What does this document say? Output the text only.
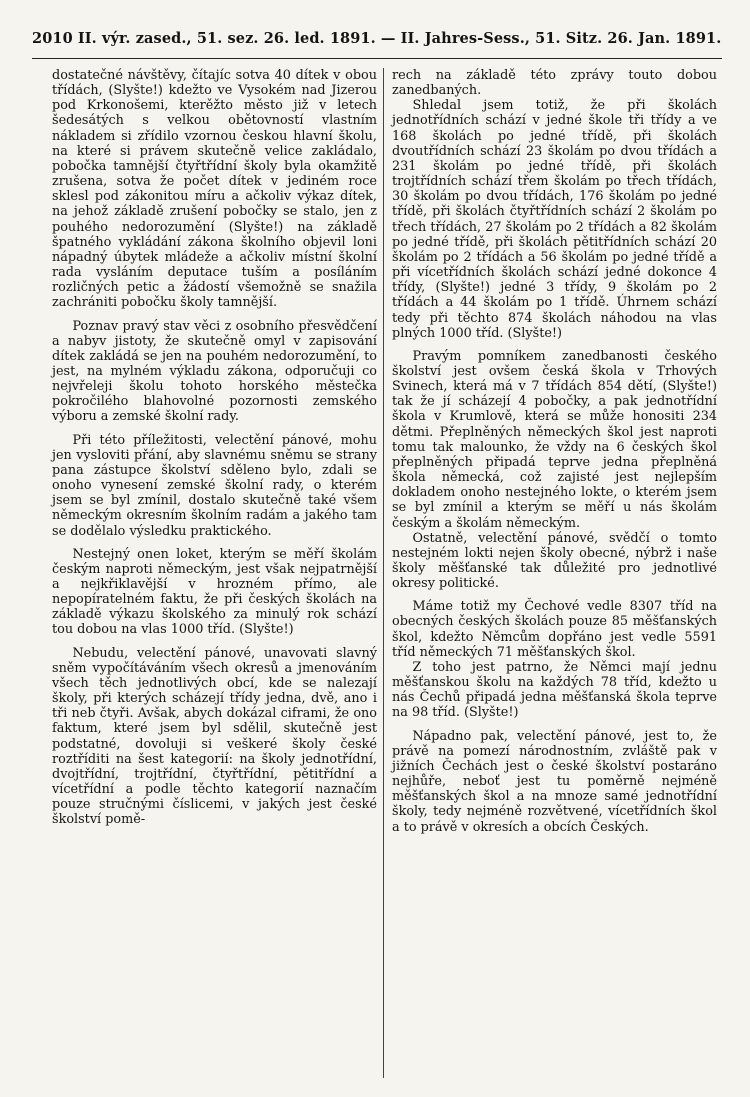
2010 II. výr. zased., 51. sez. 26. led. 1891. — II. Jahres-Sess., 51. Sitz. 26. Jan. 1891.

dostatečné návštěvy, čítajíc sotva 40 dítek v obou třídách, (Slyšte!) kdežto ve Vysokém nad Jizerou pod Krkonošemi, kterěžto město již v letech šedesátých s velkou obětovností vlastním nákladem si zřídilo vzornou českou hlavní školu, na které si právem skutečně velice zakládalo, pobočka tamnější čtyřtřídní školy byla okamžitě zrušena, sotva že počet dítek v jediném roce sklesl pod zákonitou míru a ačkoliv výkaz dítek, na jehož základě zrušení pobočky se stalo, jen z pouhého nedorozumění (Slyšte!) na základě špatného vykládání zákona školního objevil loni nápadný úbytek mládeže a ačkoliv místní školní rada vysláním deputace tuším a posíláním rozličných petic a žádostí všemožně se snažila zachrániti pobočku školy tamnější.

Poznav pravý stav věci z osobního přesvědčení a nabyv jistoty, že skutečně omyl v zapisování dítek zakládá se jen na pouhém nedorozumění, to jest, na mylném výkladu zákona, odporučuji co nejvřeleji školu tohoto horského městečka pokročilého blahovolné pozornosti zemského výboru a zemské školní rady.

Při této příležitosti, velectění pánové, mohu jen vysloviti přání, aby slavnému sněmu se strany pana zástupce školství sděleno bylo, zdali se onoho vynesení zemské školní rady, o kterém jsem se byl zmínil, dostalo skutečně také všem německým okresním školním radám a jakého tam se dodělalo výsledku praktického.

Nestejný onen loket, kterým se měří školám českým naproti německým, jest však nejpatrnější a nejkřiklavější v hrozném přímo, ale nepopíratelném faktu, že při českých školách na základě výkazu školského za minulý rok schází tou dobou na vlas 1000 tříd. (Slyšte!)

Nebudu, velectění pánové, unavovati slavný sněm vypočítáváním všech okresů a jmenováním všech těch jednotlivých obcí, kde se nalezají školy, při kterých scházejí třídy jedna, dvě, ano i tři neb čtyři. Avšak, abych dokázal ciframi, že ono faktum, které jsem byl sdělil, skutečně jest podstatné, dovoluji si veškeré školy české roztříditi na šest kategorií: na školy jednotřídní, dvojtřídní, trojtřídní, čtyřtřídní, pětitřídní a vícetřídní a podle těchto kategorií naznačím pouze stručnými číslicemi, v jakých jest české školství pomě-

rech na základě této zprávy touto dobou zanedbaných.

Shledal jsem totiž, že při školách jednotřídních schází v jedné škole tři třídy a ve 168 školách po jedné třídě, při školách dvoutřídních schází 23 školám po dvou třídách a 231 školám po jedné třídě, při školách trojtřídních schází třem školám po třech třídách, 30 školám po dvou třídách, 176 školám po jedné třídě, při školách čtyřtřídních schází 2 školám po třech třídách, 27 školám po 2 třídách a 82 školám po jedné třídě, při školách pětitřídních schází 20 školám po 2 třídách a 56 školám po jedné třídě a při vícetřídních školách schází jedné dokonce 4 třídy, (Slyšte!) jedné 3 třídy, 9 školám po 2 třídách a 44 školám po 1 třídě. Úhrnem schází tedy při těchto 874 školách náhodou na vlas plných 1000 tříd. (Slyšte!)

Pravým pomníkem zanedbanosti českého školství jest ovšem česká škola v Trhových Svinech, která má v 7 třídách 854 dětí, (Slyšte!) tak že jí scházejí 4 pobočky, a pak jednotřídní škola v Krumlově, která se může honositi 234 dětmi. Přeplněných německých škol jest naproti tomu tak malounko, že vždy na 6 českých škol přeplněných připadá teprve jedna přeplněná škola německá, což zajisté jest nejlepším dokladem onoho nestejného lokte, o kterém jsem se byl zmínil a kterým se měří u nás školám českým a školám německým.

Ostatně, velectění pánové, svědčí o tomto nestejném lokti nejen školy obecné, nýbrž i naše školy měšťanské tak důležité pro jednotlivé okresy politické.

Máme totiž my Čechové vedle 8307 tříd na obecných českých školách pouze 85 měšťanských škol, kdežto Němcům dopřáno jest vedle 5591 tříd německých 71 měšťanských škol.

Z toho jest patrno, že Němci mají jednu měšťanskou školu na každých 78 tříd, kdežto u nás Čechů připadá jedna měšťanská škola teprve na 98 tříd. (Slyšte!)

Nápadno pak, velectění pánové, jest to, že právě na pomezí národnostním, zvláště pak v jižních Čechách jest o české školství postaráno nejhůře, neboť jest tu poměrně nejméně měšťanských škol a na mnoze samé jednotřídní školy, tedy nejméně rozvětvené, vícetřídních škol a to právě v okresích a obcích Českých.
